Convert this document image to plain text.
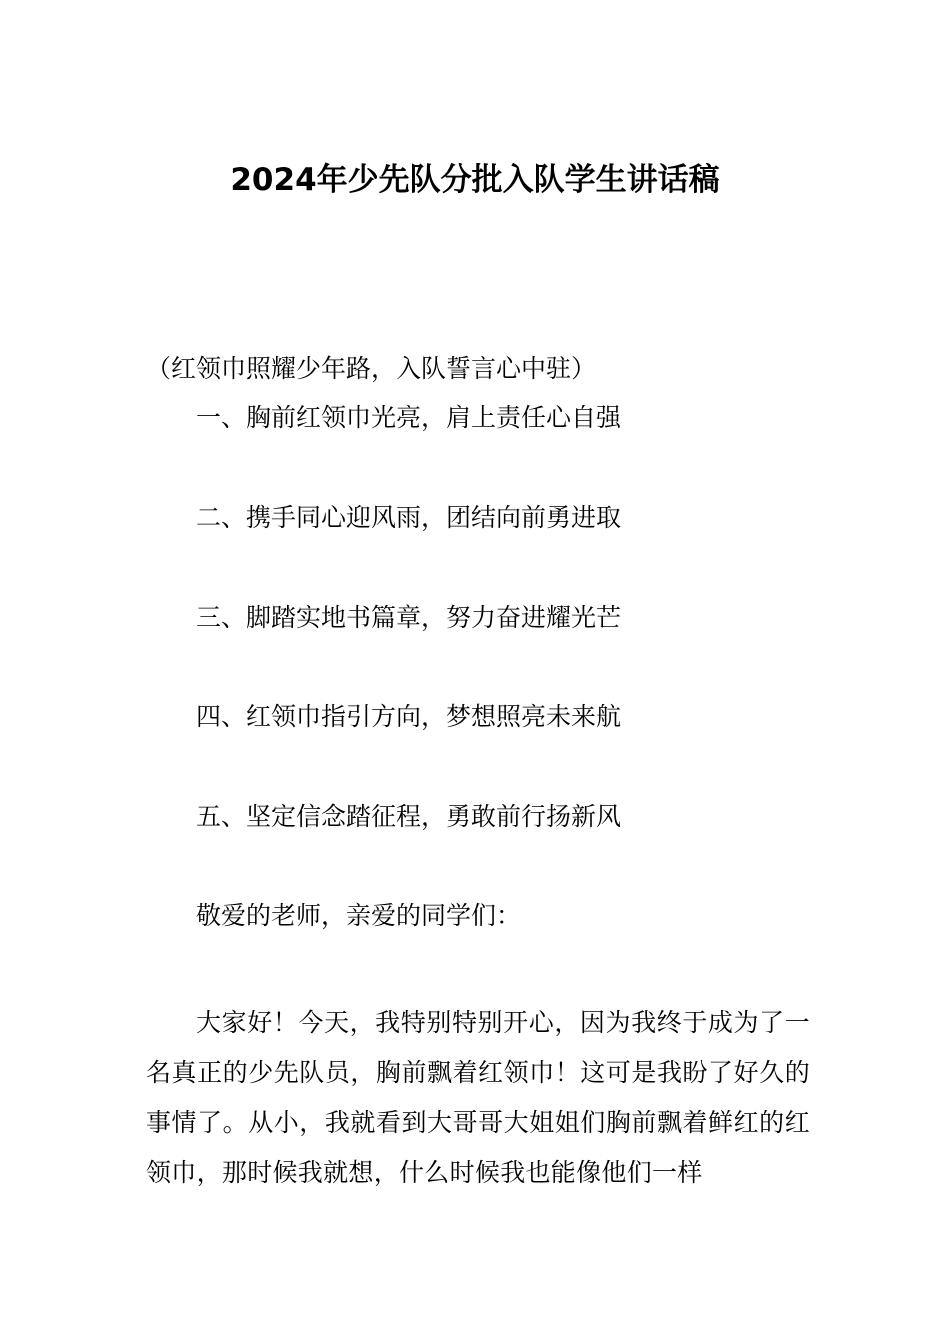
2024年少先队分批入队学生讲话稿
（红领巾照耀少年路，入队誓言心中驻）
一、胸前红领巾光亮，肩上责任心自强
二、携手同心迎风雨，团结向前勇进取
三、脚踏实地书篇章，努力奋进耀光芒
四、红领巾指引方向，梦想照亮未来航
五、坚定信念踏征程，勇敢前行扬新风
敬爱的老师，亲爱的同学们：
大家好！今天，我特别特别开心，因为我终于成为了一名真正的少先队员，胸前飘着红领巾！这可是我盼了好久的事情了。从小，我就看到大哥哥大姐姐们胸前飘着鲜红的红领巾，那时候我就想，什么时候我也能像他们一样
